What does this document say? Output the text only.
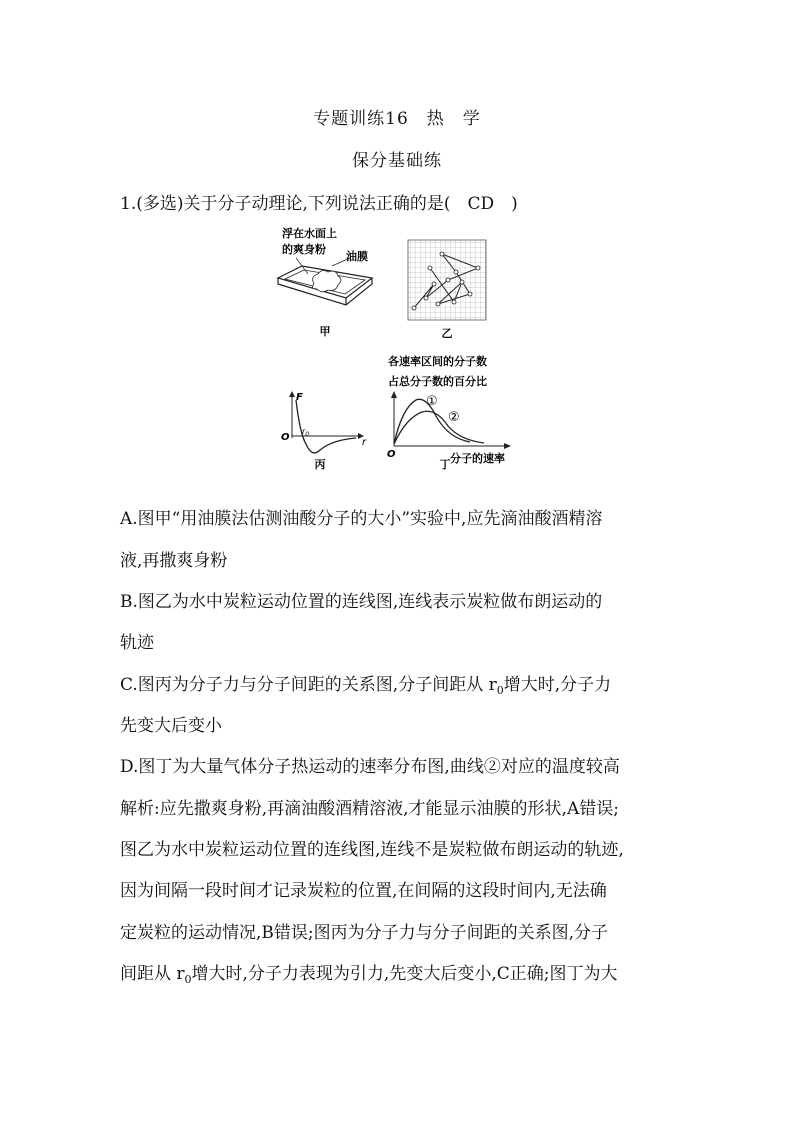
专题训练16　热　学
保分基础练
1.(多选)关于分子动理论,下列说法正确的是(　CD　)
浮在水面上
的爽身粉
油膜
甲	乙
F
O	r
$r_0$
丙
各速率区间的分子数
占总分子数的百分比
①
②
O	分子的速率
丁
A.图甲“用油膜法估测油酸分子的大小”实验中,应先滴油酸酒精溶
液,再撒爽身粉
B.图乙为水中炭粒运动位置的连线图,连线表示炭粒做布朗运动的
轨迹
C.图丙为分子力与分子间距的关系图,分子间距从 $r_0$增大时,分子力
先变大后变小
D.图丁为大量气体分子热运动的速率分布图,曲线②对应的温度较高
解析:应先撒爽身粉,再滴油酸酒精溶液,才能显示油膜的形状,A错误;
图乙为水中炭粒运动位置的连线图,连线不是炭粒做布朗运动的轨迹,
因为间隔一段时间才记录炭粒的位置,在间隔的这段时间内,无法确
定炭粒的运动情况,B错误;图丙为分子力与分子间距的关系图,分子
间距从 $r_0$增大时,分子力表现为引力,先变大后变小,C正确;图丁为大
